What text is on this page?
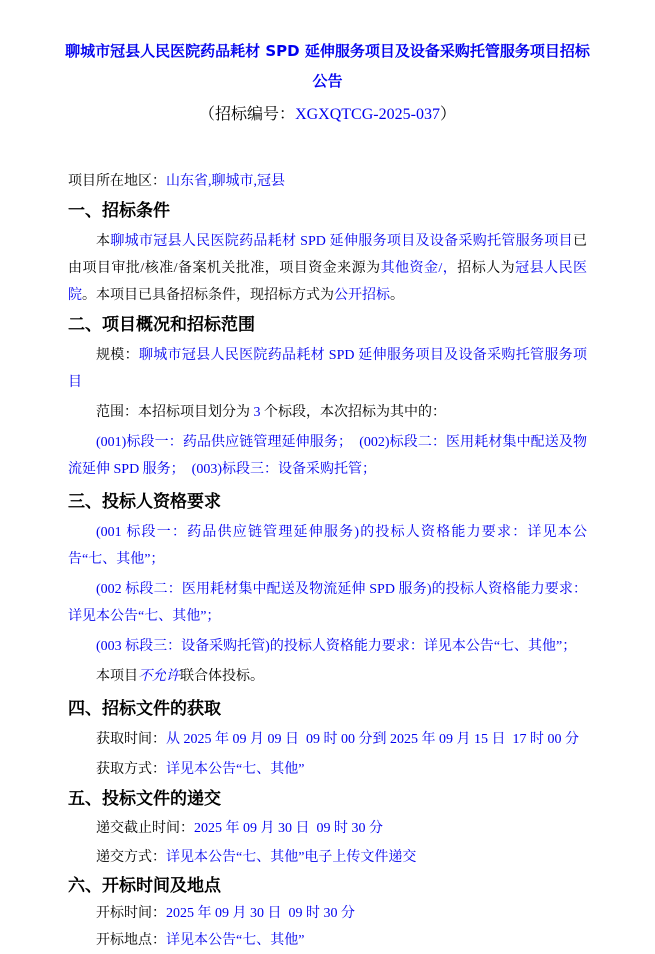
聊城市冠县人民医院药品耗材 SPD 延伸服务项目及设备采购托管服务项目招标公告
（招标编号：XGXQTCG-2025-037）

项目所在地区：山东省,聊城市,冠县

一、招标条件

本聊城市冠县人民医院药品耗材 SPD 延伸服务项目及设备采购托管服务项目已由项目审批/核准/备案机关批准，项目资金来源为其他资金/，招标人为冠县人民医院。本项目已具备招标条件，现招标方式为公开招标。

二、项目概况和招标范围

规模：聊城市冠县人民医院药品耗材 SPD 延伸服务项目及设备采购托管服务项目

范围：本招标项目划分为 3 个标段，本次招标为其中的：

(001)标段一：药品供应链管理延伸服务；  (002)标段二：医用耗材集中配送及物流延伸 SPD 服务；  (003)标段三：设备采购托管；

三、投标人资格要求

(001 标段一：药品供应链管理延伸服务)的投标人资格能力要求：详见本公告“七、其他”；

(002 标段二：医用耗材集中配送及物流延伸 SPD 服务)的投标人资格能力要求：详见本公告“七、其他”；

(003 标段三：设备采购托管)的投标人资格能力要求：详见本公告“七、其他”；

本项目不允许联合体投标。

四、招标文件的获取

获取时间：从 2025 年 09 月 09 日  09 时 00 分到 2025 年 09 月 15 日  17 时 00 分

获取方式：详见本公告“七、其他”

五、投标文件的递交

递交截止时间：2025 年 09 月 30 日  09 时 30 分

递交方式：详见本公告“七、其他”电子上传文件递交

六、开标时间及地点

开标时间：2025 年 09 月 30 日  09 时 30 分

开标地点：详见本公告“七、其他”
